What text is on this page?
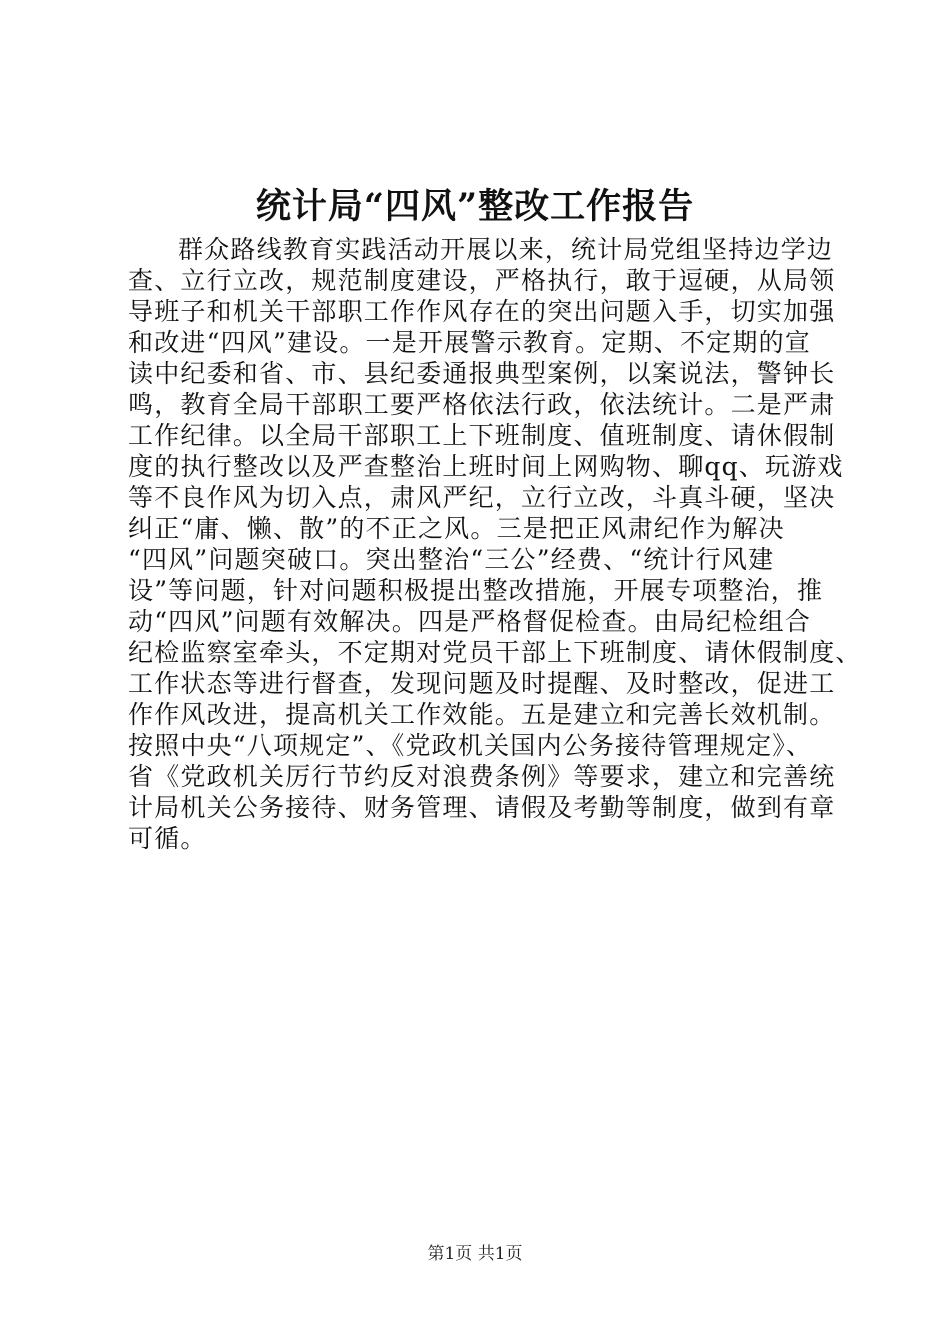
统计局“四风”整改工作报告
群众路线教育实践活动开展以来，统计局党组坚持边学边
查、立行立改，规范制度建设，严格执行，敢于逗硬，从局领
导班子和机关干部职工作作风存在的突出问题入手，切实加强
和改进“四风”建设。一是开展警示教育。定期、不定期的宣
读中纪委和省、市、县纪委通报典型案例，以案说法，警钟长
鸣，教育全局干部职工要严格依法行政，依法统计。二是严肃
工作纪律。以全局干部职工上下班制度、值班制度、请休假制
度的执行整改以及严查整治上班时间上网购物、聊qq、玩游戏
等不良作风为切入点，肃风严纪，立行立改，斗真斗硬，坚决
纠正“庸、懒、散”的不正之风。三是把正风肃纪作为解决
“四风”问题突破口。突出整治“三公”经费、“统计行风建
设”等问题，针对问题积极提出整改措施，开展专项整治，推
动“四风”问题有效解决。四是严格督促检查。由局纪检组合
纪检监察室牵头，不定期对党员干部上下班制度、请休假制度、
工作状态等进行督查，发现问题及时提醒、及时整改，促进工
作作风改进，提高机关工作效能。五是建立和完善长效机制。
按照中央“八项规定”、《党政机关国内公务接待管理规定》、
省《党政机关厉行节约反对浪费条例》等要求，建立和完善统
计局机关公务接待、财务管理、请假及考勤等制度，做到有章
可循。
第1页 共1页
